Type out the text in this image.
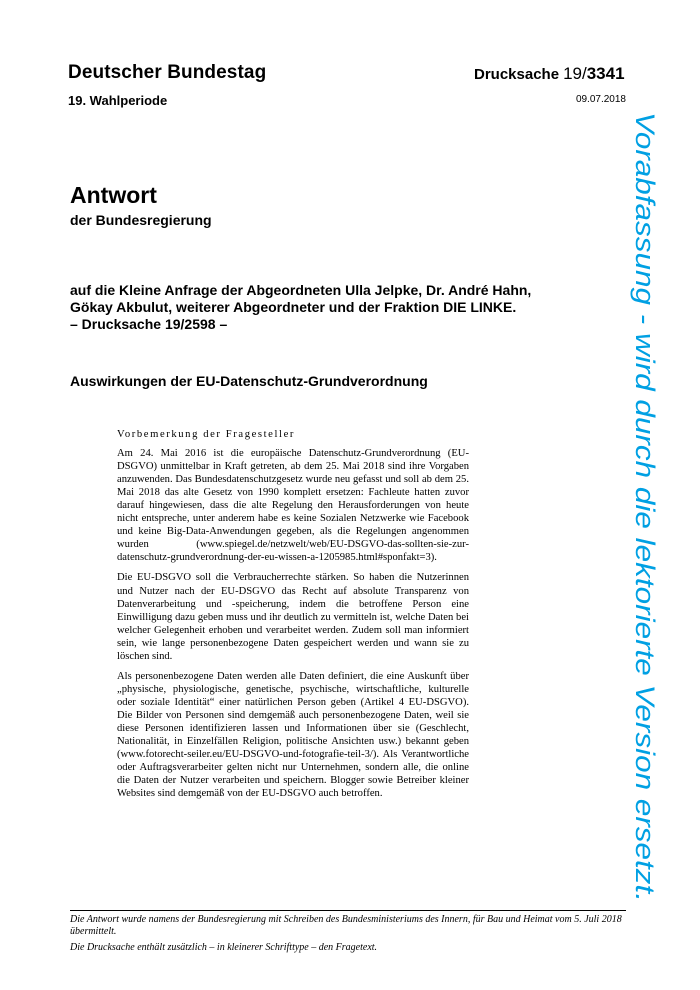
Deutscher Bundestag	Drucksache 19/3341
19. Wahlperiode	09.07.2018
Antwort
der Bundesregierung
auf die Kleine Anfrage der Abgeordneten Ulla Jelpke, Dr. André Hahn,
Gökay Akbulut, weiterer Abgeordneter und der Fraktion DIE LINKE.
– Drucksache 19/2598 –
Auswirkungen der EU-Datenschutz-Grundverordnung
Vorbemerkung der Fragesteller

Am 24. Mai 2016 ist die europäische Datenschutz-Grundverordnung (EU-DSGVO) unmittelbar in Kraft getreten, ab dem 25. Mai 2018 sind ihre Vorgaben anzuwenden. Das Bundesdatenschutzgesetz wurde neu gefasst und soll ab dem 25. Mai 2018 das alte Gesetz von 1990 komplett ersetzen: Fachleute hatten zuvor darauf hingewiesen, dass die alte Regelung den Herausforderungen von heute nicht entspreche, unter anderem habe es keine Sozialen Netzwerke wie Facebook und keine Big-Data-Anwendungen gegeben, als die Regelungen angenommen wurden (www.spiegel.de/netzwelt/web/EU-DSGVO-das-sollten-sie-zur-datenschutz-grundverordnung-der-eu-wissen-a-1205985.html#sponfakt=3).

Die EU-DSGVO soll die Verbraucherrechte stärken. So haben die Nutzerinnen und Nutzer nach der EU-DSGVO das Recht auf absolute Transparenz von Datenverarbeitung und -speicherung, indem die betroffene Person eine Einwilligung dazu geben muss und ihr deutlich zu vermitteln ist, welche Daten bei welcher Gelegenheit erhoben und verarbeitet werden. Zudem soll man informiert sein, wie lange personenbezogene Daten gespeichert werden und wann sie zu löschen sind.

Als personenbezogene Daten werden alle Daten definiert, die eine Auskunft über „physische, physiologische, genetische, psychische, wirtschaftliche, kulturelle oder soziale Identität“ einer natürlichen Person geben (Artikel 4 EU-DSGVO). Die Bilder von Personen sind demgemäß auch personenbezogene Daten, weil sie diese Personen identifizieren lassen und Informationen über sie (Geschlecht, Nationalität, in Einzelfällen Religion, politische Ansichten usw.) bekannt geben (www.fotorecht-seiler.eu/EU-DSGVO-und-fotografie-teil-3/). Als Verantwortliche oder Auftragsverarbeiter gelten nicht nur Unternehmen, sondern alle, die online die Daten der Nutzer verarbeiten und speichern. Blogger sowie Betreiber kleiner Websites sind demgemäß von der EU-DSGVO auch betroffen.

Vorabfassung - wird durch die lektorierte Version ersetzt.

Die Antwort wurde namens der Bundesregierung mit Schreiben des Bundesministeriums des Innern, für Bau und Heimat vom 5. Juli 2018 übermittelt.

Die Drucksache enthält zusätzlich – in kleinerer Schrifttype – den Fragetext.
